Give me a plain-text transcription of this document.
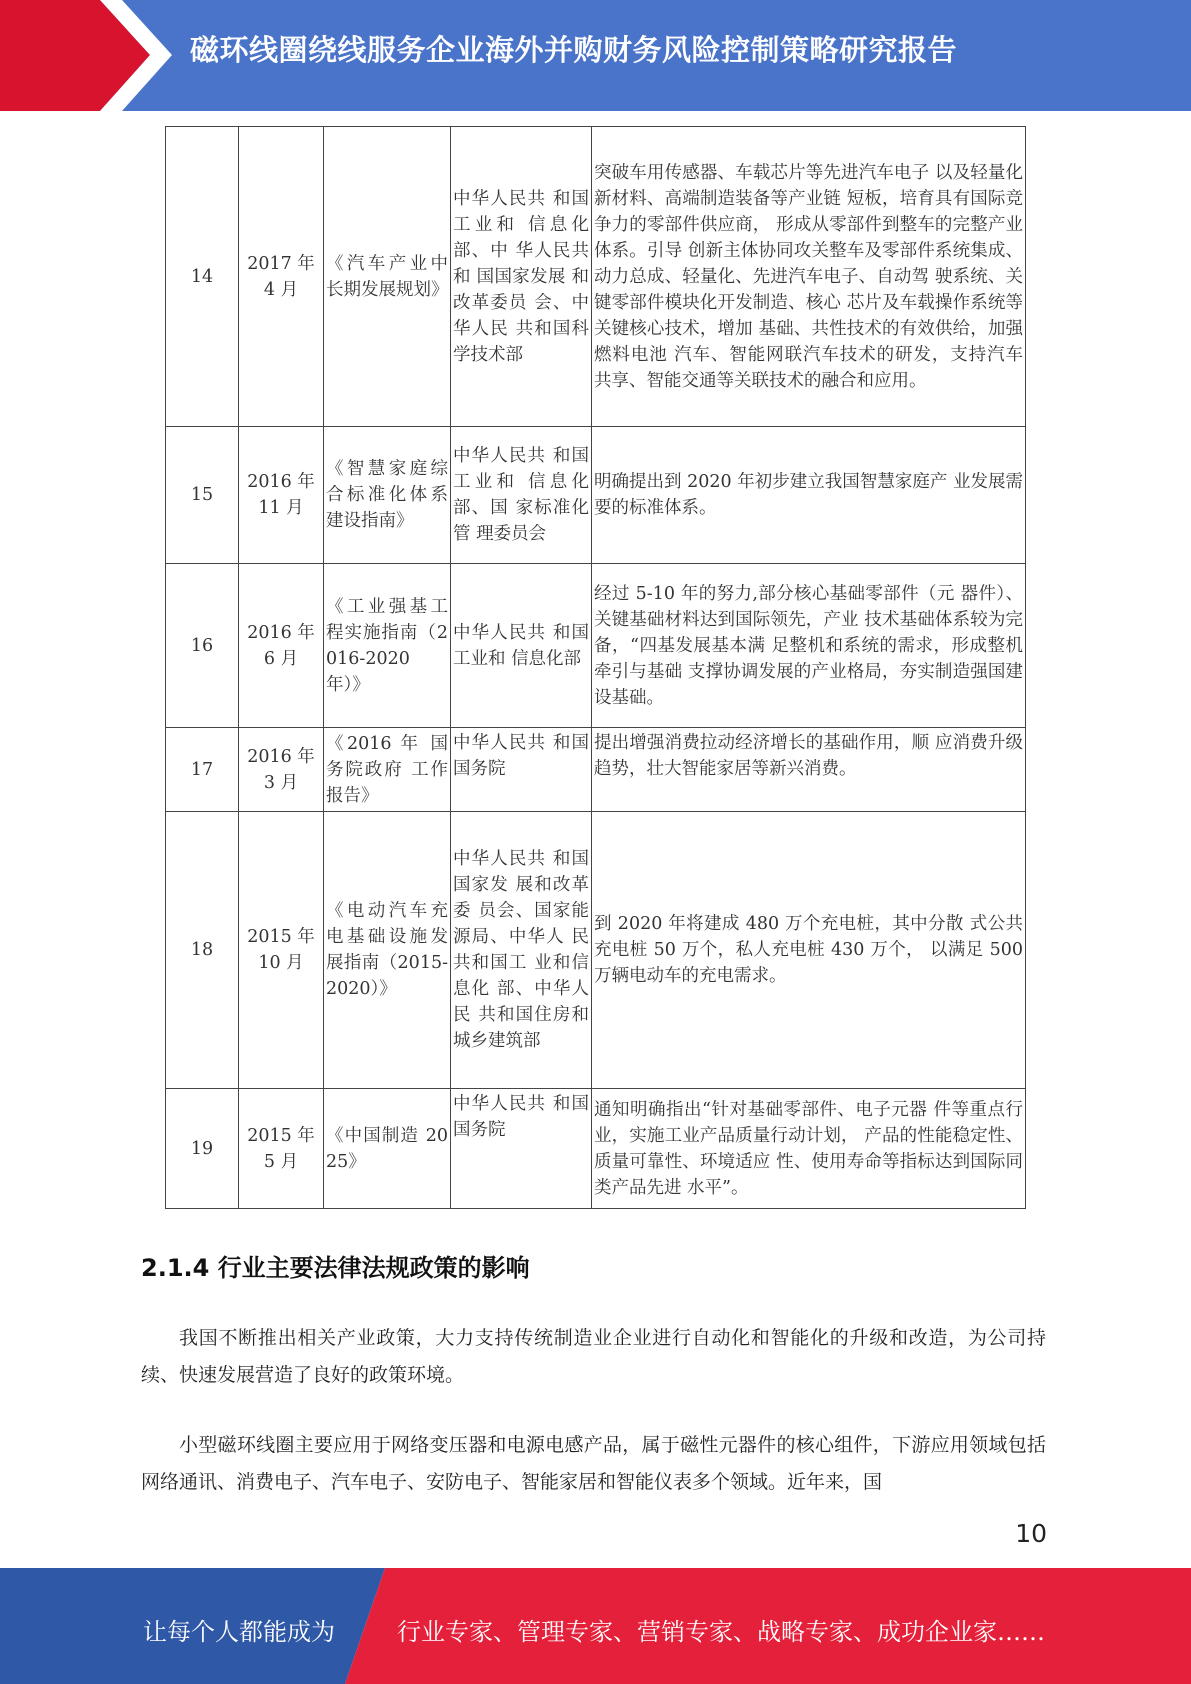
磁环线圈绕线服务企业海外并购财务风险控制策略研究报告
14	2017 年 4 月	《汽车产业中长期发展规划》	中华人民共 和国工业和 信息化部、中 华人民共和 国国家发展 和改革委员 会、中华人民 共和国科学技术部	突破车用传感器、车载芯片等先进汽车电子 以及轻量化新材料、高端制造装备等产业链 短板，培育具有国际竞争力的零部件供应商， 形成从零部件到整车的完整产业体系。引导 创新主体协同攻关整车及零部件系统集成、 动力总成、轻量化、先进汽车电子、自动驾 驶系统、关键零部件模块化开发制造、核心 芯片及车载操作系统等关键核心技术，增加 基础、共性技术的有效供给，加强燃料电池 汽车、智能网联汽车技术的研发，支持汽车 共享、智能交通等关联技术的融合和应用。
15	2016 年 11 月	《智慧家庭综合标准化体系建设指南》	中华人民共 和国工业和 信息化部、国 家标准化管 理委员会	明确提出到 2020 年初步建立我国智慧家庭产 业发展需要的标准体系。
16	2016 年 6 月	《工业强基工程实施指南（2016-2020 年）》	中华人民共 和国工业和 信息化部	经过 5-10 年的努力,部分核心基础零部件（元 器件）、关键基础材料达到国际领先，产业 技术基础体系较为完备，“四基发展基本满 足整机和系统的需求，形成整机牵引与基础 支撑协调发展的产业格局，夯实制造强国建 设基础。
17	2016 年 3 月	《2016 年 国务院政府 工作报告》	中华人民共 和国国务院	提出增强消费拉动经济增长的基础作用，顺 应消费升级趋势，壮大智能家居等新兴消费。
18	2015 年 10 月	《电动汽车充电基础设施发展指南（2015-2020）》	中华人民共 和国国家发 展和改革委 员会、国家能 源局、中华人 民共和国工 业和信息化 部、中华人民 共和国住房和城乡建筑部	到 2020 年将建成 480 万个充电桩，其中分散 式公共充电桩 50 万个，私人充电桩 430 万个， 以满足 500 万辆电动车的充电需求。
19	2015 年 5 月	《中国制造 2025》	中华人民共 和国国务院	通知明确指出“针对基础零部件、电子元器 件等重点行业，实施工业产品质量行动计划， 产品的性能稳定性、质量可靠性、环境适应 性、使用寿命等指标达到国际同类产品先进 水平”。
2.1.4 行业主要法律法规政策的影响
我国不断推出相关产业政策，大力支持传统制造业企业进行自动化和智能化的升级和改造，为公司持续、快速发展营造了良好的政策环境。
小型磁环线圈主要应用于网络变压器和电源电感产品，属于磁性元器件的核心组件，下游应用领域包括网络通讯、消费电子、汽车电子、安防电子、智能家居和智能仪表多个领域。近年来，国
10
让每个人都能成为	行业专家、管理专家、营销专家、战略专家、成功企业家……
